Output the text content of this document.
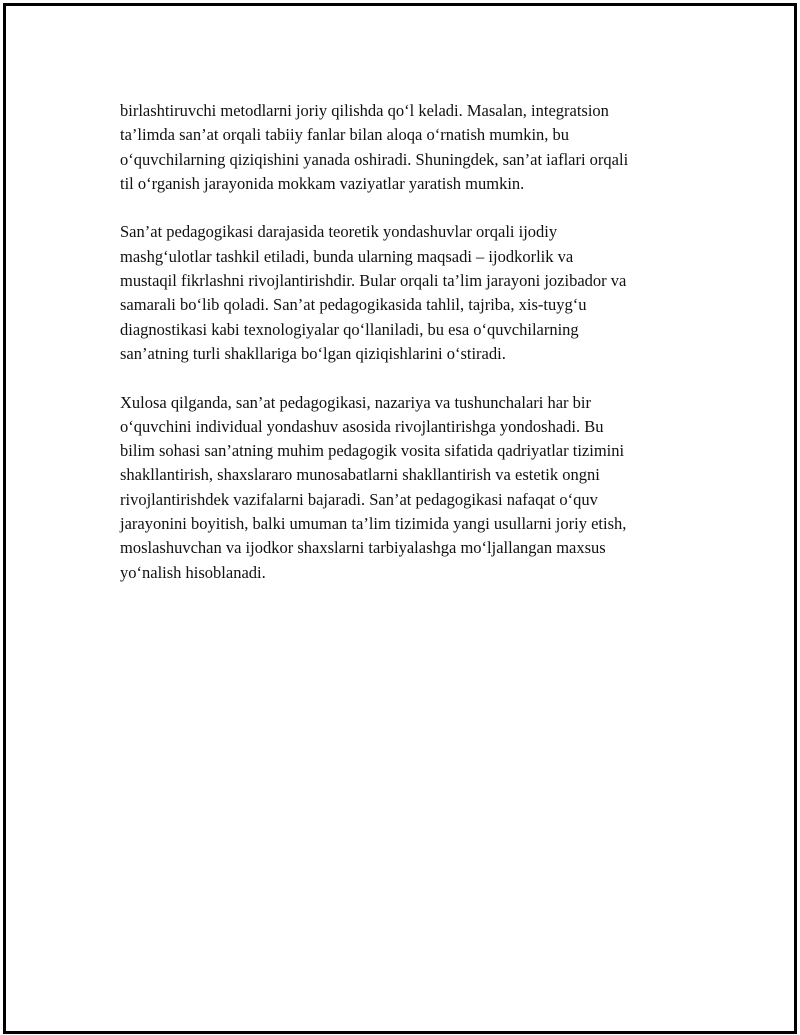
birlashtiruvchi metodlarni joriy qilishda qo‘l keladi. Masalan, integratsion
ta’limda san’at orqali tabiiy fanlar bilan aloqa o‘rnatish mumkin, bu
o‘quvchilarning qiziqishini yanada oshiradi. Shuningdek, san’at iaflari orqali
til o‘rganish jarayonida mokkam vaziyatlar yaratish mumkin.

San’at pedagogikasi darajasida teoretik yondashuvlar orqali ijodiy
mashg‘ulotlar tashkil etiladi, bunda ularning maqsadi – ijodkorlik va
mustaqil fikrlashni rivojlantirishdir. Bular orqali ta’lim jarayoni jozibador va
samarali bo‘lib qoladi. San’at pedagogikasida tahlil, tajriba, xis-tuyg‘u
diagnostikasi kabi texnologiyalar qo‘llaniladi, bu esa o‘quvchilarning
san’atning turli shakllariga bo‘lgan qiziqishlarini o‘stiradi.

Xulosa qilganda, san’at pedagogikasi, nazariya va tushunchalari har bir
o‘quvchini individual yondashuv asosida rivojlantirishga yondoshadi. Bu
bilim sohasi san’atning muhim pedagogik vosita sifatida qadriyatlar tizimini
shakllantirish, shaxslararo munosabatlarni shakllantirish va estetik ongni
rivojlantirishdek vazifalarni bajaradi. San’at pedagogikasi nafaqat o‘quv
jarayonini boyitish, balki umuman ta’lim tizimida yangi usullarni joriy etish,
moslashuvchan va ijodkor shaxslarni tarbiyalashga mo‘ljallangan maxsus
yo‘nalish hisoblanadi.
